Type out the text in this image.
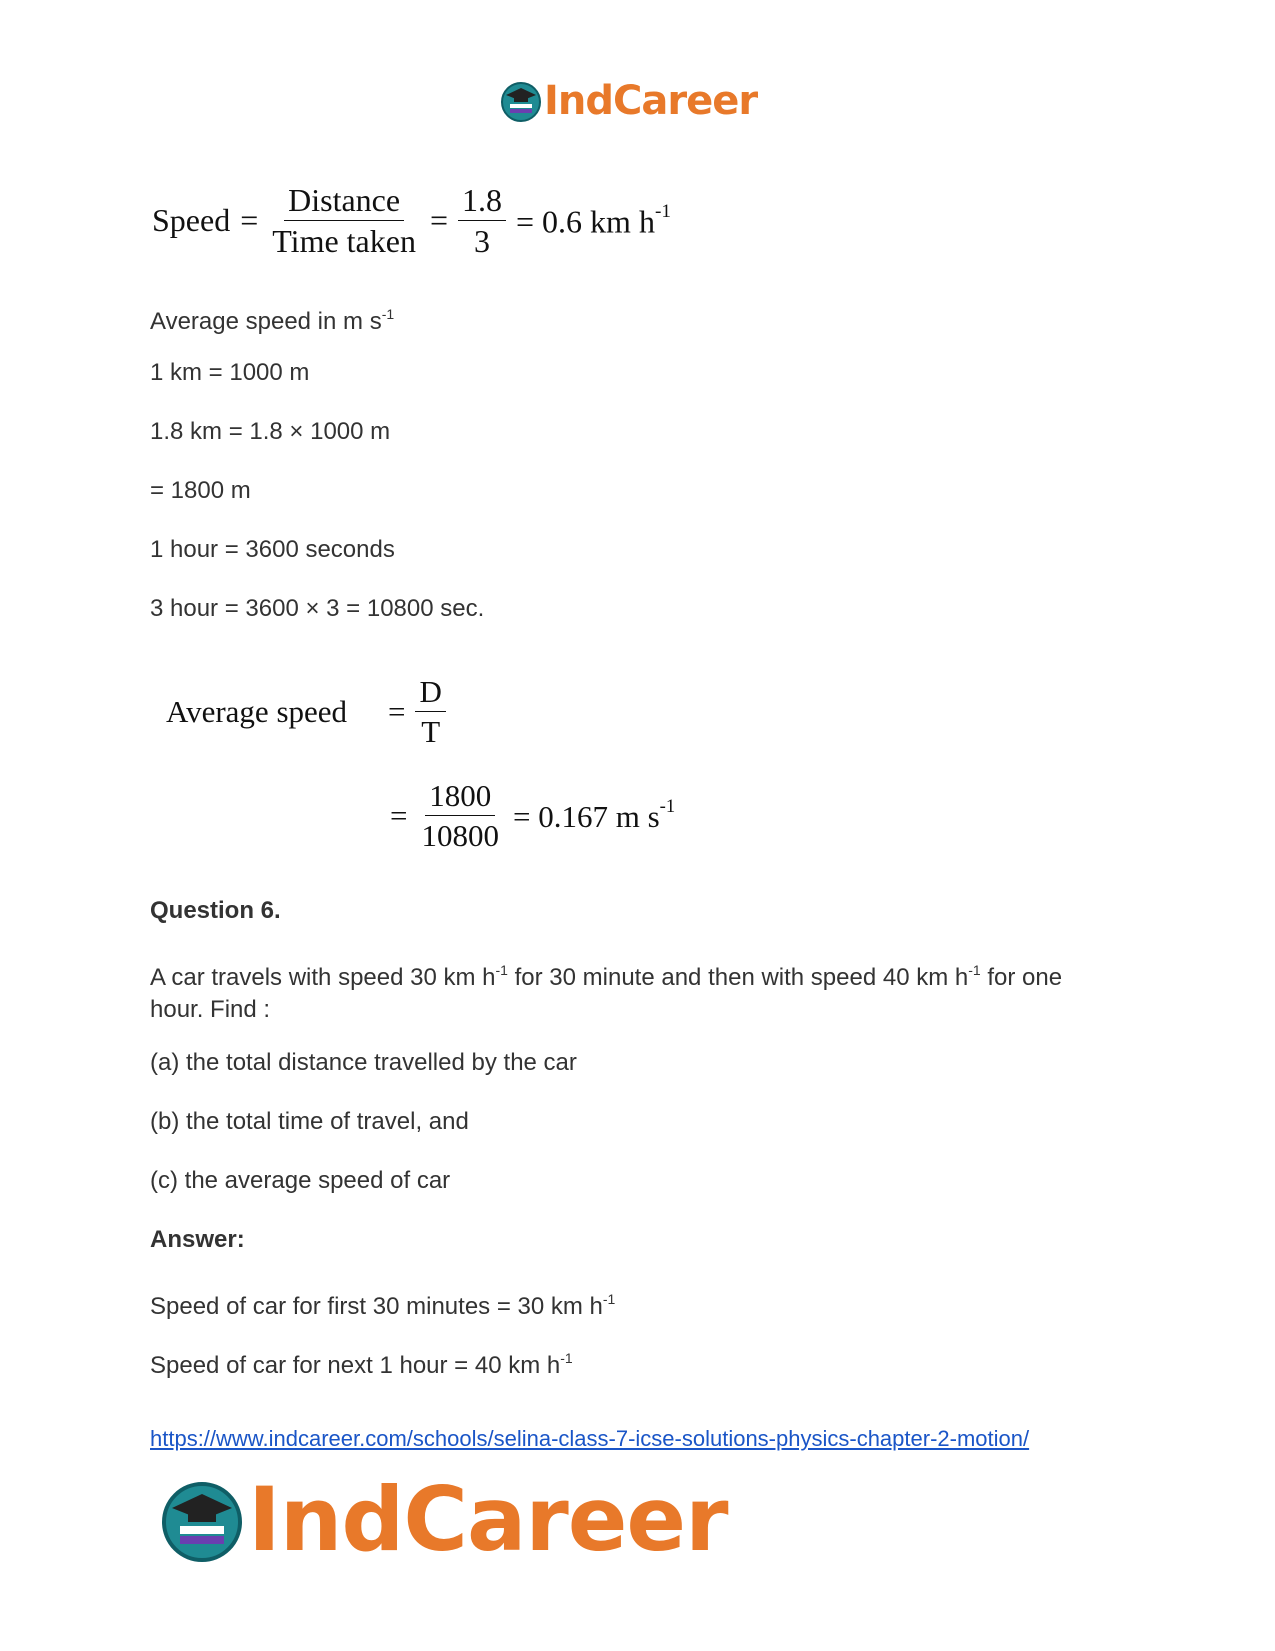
IndCareer
Speed = $\frac{\text{Distance}}{\text{Time taken}} = \frac{1.8}{3} = 0.6$ km $h^{-1}$
Average speed in m $s^{-1}$
1 km = 1000 m
1.8 km = 1.8 × 1000 m
= 1800 m
1 hour = 3600 seconds
3 hour = 3600 × 3 = 10800 sec.
Average speed	= $\frac{D}{T}$
= $\frac{1800}{10800} = 0.167$ m $s^{-1}$
Question 6.
A car travels with speed 30 km $h^{-1}$ for 30 minute and then with speed 40 km $h^{-1}$ for one hour. Find :
(a) the total distance travelled by the car
(b) the total time of travel, and
(c) the average speed of car
Answer:
Speed of car for first 30 minutes = 30 km $h^{-1}$
Speed of car for next 1 hour = 40 km $h^{-1}$
https://www.indcareer.com/schools/selina-class-7-icse-solutions-physics-chapter-2-motion/
IndCareer
